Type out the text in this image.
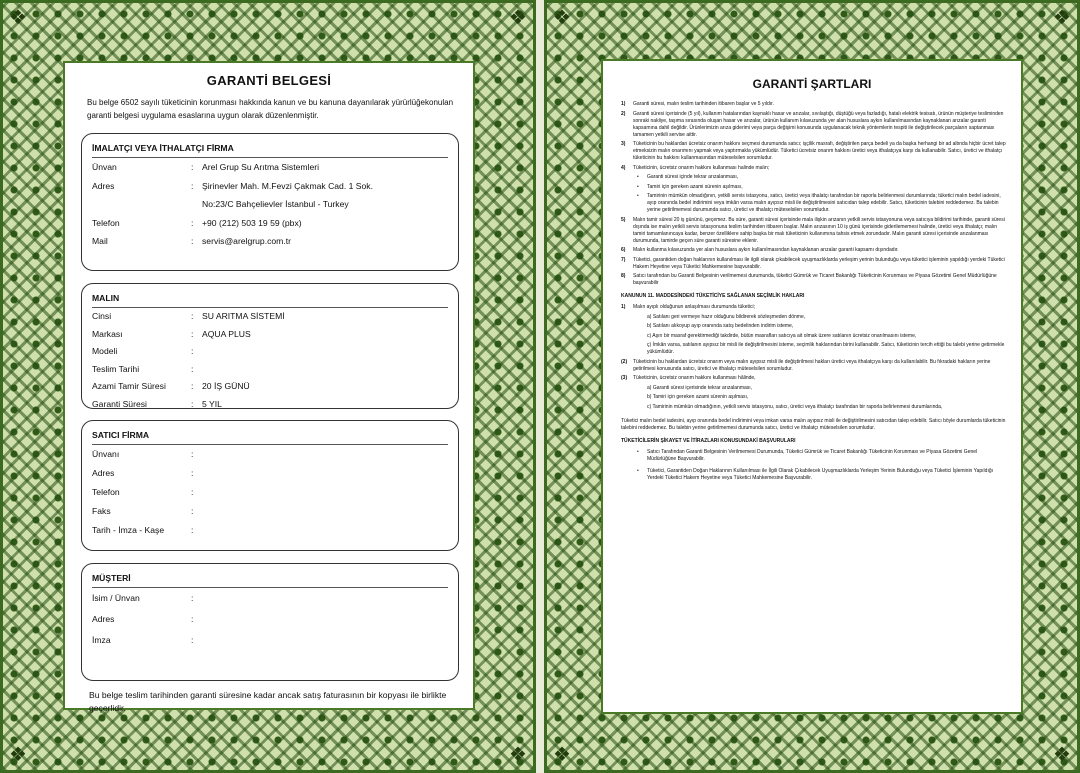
❖	❖
❖	❖
GARANTİ BELGESİ
Bu belge 6502 sayılı tüketicinin korunması hakkında kanun ve bu kanuna dayanılarak yürürlüğekonulan garanti belgesi uygulama esaslarına uygun olarak düzenlenmiştir.
İMALATÇI VEYA İTHALATÇI FİRMA
Ünvan	: Arel Grup Su Arıtma Sistemleri
Adres	: Şirinevler Mah. M.Fevzi Çakmak Cad. 1 Sok.
No:23/C Bahçelievler İstanbul - Turkey
Telefon	: +90 (212) 503 19 59 (pbx)
Mail	: servis@arelgrup.com.tr
MALIN
Cinsi	: SU ARITMA SİSTEMİ
Markası	: AQUA PLUS
Modeli	:
Teslim Tarihi	:
Azami Tamir Süresi	: 20 İŞ GÜNÜ
Garanti Süresi	: 5 YIL
SATICI FİRMA
Ünvanı	:
Adres	:
Telefon	:
Faks	:
Tarih - İmza - Kaşe	:
MÜŞTERİ
İsim / Ünvan	:
Adres	:
İmza	:
Bu belge teslim tarihinden garanti süresine kadar ancak satış faturasının bir kopyası ile birlikte geçerlidir.
❖	❖
❖	❖
GARANTİ ŞARTLARI
1) Garanti süresi, malın teslim tarihinden itibaren başlar ve 5 yıldır.
2) Garanti süresi içerisinde (5 yıl), kullanım hatalarından kaynaklı hasar ve arızalar, sıvılaştığı, düştüğü veya fazladığı, hatalı elektrik tesisatı, ürünün müşteriye tesliminden sonraki nakliye, taşıma sırasında oluşan hasar ve arızalar, ürünün kullanım kılavuzunda yer alan hususlara aykırı kullanılmasından kaynaklanan arızalar garanti kapsamına dahil değildir. Ürünlerimizin arıza giderimi veya parça değişimi konusunda uygulanacak teknik yöntemlerin tespiti ile değiştirilecek parçaların saptanması tamamen yetkili servise aittir.
3) Tüketicinin bu haklardan ücretsiz onarım hakkını seçmesi durumunda satıcı; işçilik masrafı, değiştirilen parça bedeli ya da başka herhangi bir ad altında hiçbir ücret talep etmeksizin malın onarımını yapmak veya yaptırmakla yükümlüdür. Tüketici ücretsiz onarım hakkını üretici veya ithalatçıya karşı da kullanabilir. Satıcı, üretici ve ithalatçı tüketicinin bu hakkını kullanmasından müteselsilen sorumludur.
4) Tüketicinin, ücretsiz onarım hakkını kullanması halinde malın;
• Garanti süresi içinde tekrar arızalanması,
• Tamiri için gereken azami sürenin aşılması,
• Tamirinin mümkün olmadığının, yetkili servis istasyonu, satıcı, üretici veya ithalatçı tarafından bir raporla belirlenmesi durumlarında; tüketici malın bedel iadesini, ayıp oranında bedel indirimini veya imkân varsa malın ayıpsız misli ile değiştirilmesini satıcıdan talep edebilir. Satıcı, tüketicinin talebini reddedemez. Bu talebin yerine getirilmemesi durumunda satıcı, üretici ve ithalatçı müteselsilen sorumludur.
5) Malın tamir süresi 20 iş gününü, geçemez. Bu süre, garanti süresi içerisinde mala ilişkin arızanın yetkili servis istasyonuna veya satıcıya bildirimi tarihinde, garanti süresi dışında ise malın yetkili servis istasyonuna teslim tarihinden itibaren başlar. Malın arızasının 10 iş günü içerisinde giderilememesi halinde, üretici veya ithalatçı; malın tamiri tamamlanıncaya kadar, benzer özelliklere sahip başka bir malı tüketicinin kullanımına tahsis etmek zorundadır. Malın garanti süresi içerisinde arızalanması durumunda, tamirde geçen süre garanti süresine eklenir.
6) Malın kullanma kılavuzunda yer alan hususlara aykırı kullanılmasından kaynaklanan arızalar garanti kapsamı dışındadır.
7) Tüketici, garantiden doğan haklarının kullanılması ile ilgili olarak çıkabilecek uyuşmazlıklarda yerleşim yerinin bulunduğu veya tüketici işleminin yapıldığı yerdeki Tüketici Hakem Heyetine veya Tüketici Mahkemesine başvurabilir.
8) Satıcı tarafından bu Garanti Belgesinin verilmemesi durumunda, tüketici Gümrük ve Ticaret Bakanlığı Tüketicinin Korunması ve Piyasa Gözetimi Genel Müdürlüğüne başvurabilir
KANUNUN 11. MADDESİNDEKİ TÜKETİCİYE SAĞLANAN SEÇİMLİK HAKLARI
1) Malın ayıplı olduğunun anlaşılması durumunda tüketici;
a) Satılanı geri vermeye hazır olduğunu bildirerek sözleşmeden dönme,
b) Satılanı alıkoyup ayıp oranında satış bedelinden indirim isteme,
c) Aşırı bir masraf gerektirmediği takdirde, bütün masrafları satıcıya ait olmak üzere satılanın ücretsiz onarılmasını isteme,
ç) İmkân varsa, satılanın ayıpsız bir misli ile değiştirilmesini isteme, seçimlik haklarından birini kullanabilir. Satıcı, tüketicinin tercih ettiği bu talebi yerine getirmekle yükümlüdür.
(2) Tüketicinin bu haklardan ücretsiz onarım veya malın ayıpsız misli ile değiştirilmesi hakları üretici veya ithalatçıya karşı da kullanılabilir. Bu fıkradaki hakların yerine getirilmesi konusunda satıcı, üretici ve ithalatçı müteselsilen sorumludur.
(3) Tüketicinin, ücretsiz onarım hakkını kullanması hâlinde,
a) Garanti süresi içerisinde tekrar arızalanması,
b) Tamiri için gereken azami sürenin aşılması,
c) Tamirinin mümkün olmadığının, yetkili servis istasyonu, satıcı, üretici veya ithalatçı tarafından bir raporla belirlenmesi durumlarında,
Tüketici malın bedel iadesini, ayıp oranında bedel indirimini veya imkan varsa malın ayıpsız misli ile değiştirilmesini satıcıdan talep edebilir. Satıcı böyle durumlarda tüketicinin talebini reddedemez. Bu talebin yerine getirilmemesi durumunda satıcı, üretici ve ithalatçı müteselsilen sorumludur.
TÜKETİCİLERİN ŞİKAYET VE İTİRAZLARI KONUSUNDAKİ BAŞVURULARI
• Satıcı Tarafından Garanti Belgesinin Verilmemesi Durumunda, Tüketici Gümrük ve Ticaret Bakanlığı Tüketicinin Korunması ve Piyasa Gözetimi Genel Müdürlüğüne Başvurabilir.
• Tüketici, Garantiden Doğan Haklarının Kullanılması ile İlgili Olarak Çıkabilecek Uyuşmazlıklarda Yerleşim Yerinin Bulunduğu veya Tüketici İşleminin Yapıldığı Yerdeki Tüketici Hakem Heyetine veya Tüketici Mahkemesine Başvurabilir.
